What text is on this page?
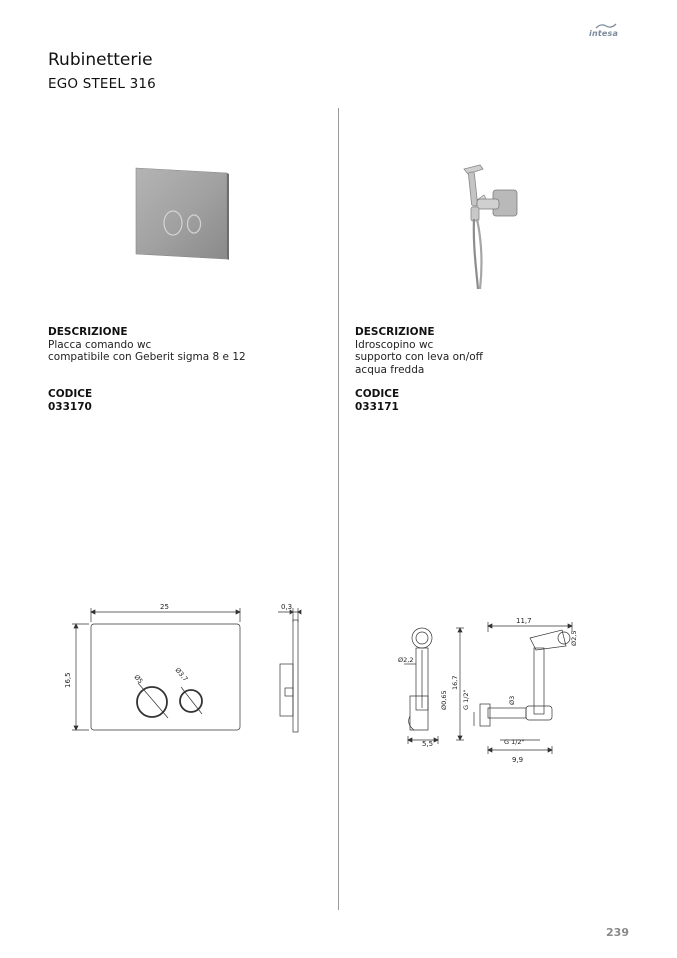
intesa
Rubinetterie
EGO STEEL 316
DESCRIZIONE
Placca comando wc
compatibile con Geberit sigma 8 e 12
CODICE
033170
DESCRIZIONE
Idroscopino wc
supporto con leva on/off
acqua fredda
CODICE
033171
25
16,5
0,3
Ø5	Ø3,7
Ø2,2
Ø0,65
16,7
5,5
G 1/2"	Ø3
11,7
Ø2,5
G 1/2"
9,9
239
